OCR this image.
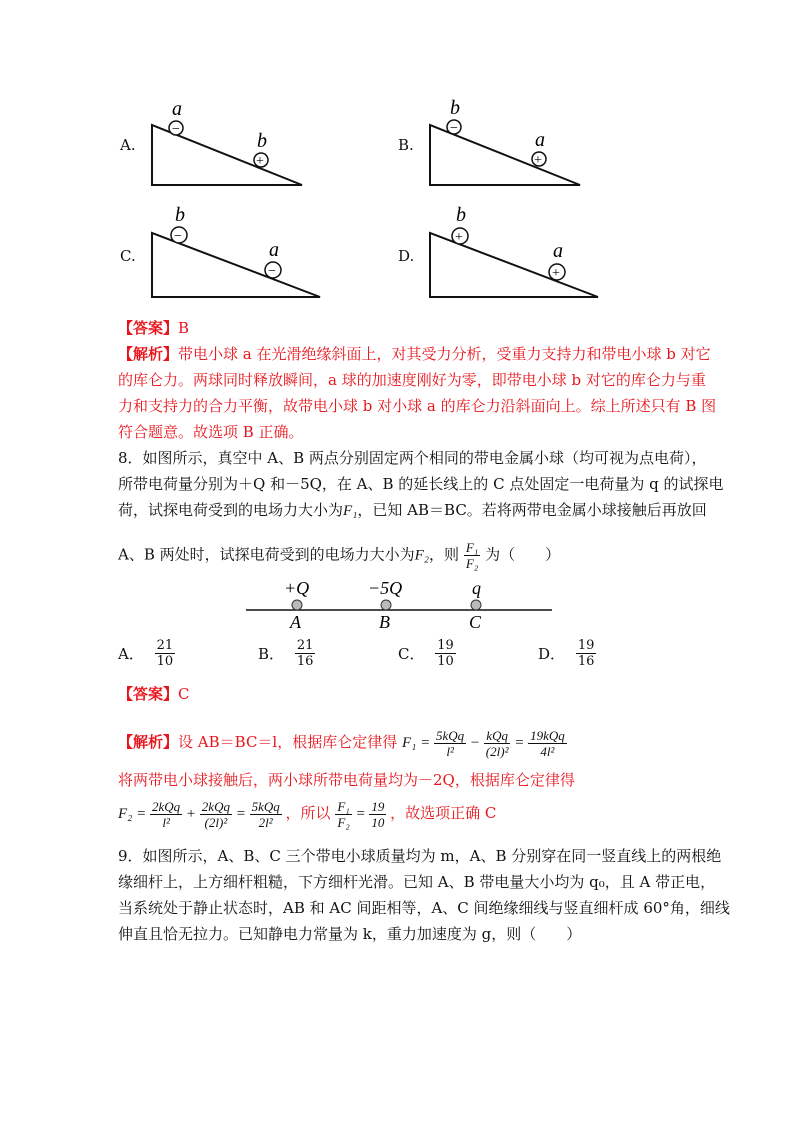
A.
−
a
+
b	B.
−
b
+
a
C.
−
b
−
a	D.
+
b
+
a
【答案】B
【解析】带电小球 a 在光滑绝缘斜面上，对其受力分析，受重力支持力和带电小球 b 对它
的库仑力。两球同时释放瞬间，a 球的加速度刚好为零，即带电小球 b 对它的库仑力与重
力和支持力的合力平衡，故带电小球 b 对小球 a 的库仑力沿斜面向上。综上所述只有 B 图
符合题意。故选项 B 正确。
8．如图所示，真空中 A、B 两点分别固定两个相同的带电金属小球（均可视为点电荷），
所带电荷量分别为＋Q 和－5Q，在 A、B 的延长线上的 C 点处固定一电荷量为 q 的试探电
荷，试探电荷受到的电场力大小为F₁，已知 AB＝BC。若将两带电金属小球接触后再放回
A、B 两处时，试探电荷受到的电场力大小为F₂，则 $\frac{\text{F₁}}{\text{F₂}}$ 为（　　）
+Q	−5Q	q
A	B	C
A． $\frac{21}{10}$	B． $\frac{21}{16}$	C． $\frac{19}{10}$	D． $\frac{19}{16}$
【答案】C
【解析】设 AB＝BC＝l，根据库仑定律得 $F_1 = \frac{\text{5kQq}}{\text{l²}} - \frac{\text{kQq}}{\text{(2l)²}} = \frac{\text{19kQq}}{\text{4l²}}$
将两带电小球接触后，两小球所带电荷量均为－2Q，根据库仑定律得
$F_2 = \frac{\text{2kQq}}{\text{l²}} + \frac{\text{2kQq}}{\text{(2l)²}} = \frac{\text{5kQq}}{\text{2l²}}$ ，所以 $\frac{\text{F₁}}{\text{F₂}} = \frac{19}{10}$ ，故选项正确 C
9．如图所示，A、B、C 三个带电小球质量均为 m，A、B 分别穿在同一竖直线上的两根绝
缘细杆上，上方细杆粗糙，下方细杆光滑。已知 A、B 带电量大小均为 q₀，且 A 带正电，
当系统处于静止状态时，AB 和 AC 间距相等，A、C 间绝缘细线与竖直细杆成 60°角，细线
伸直且恰无拉力。已知静电力常量为 k，重力加速度为 g，则（　　）
